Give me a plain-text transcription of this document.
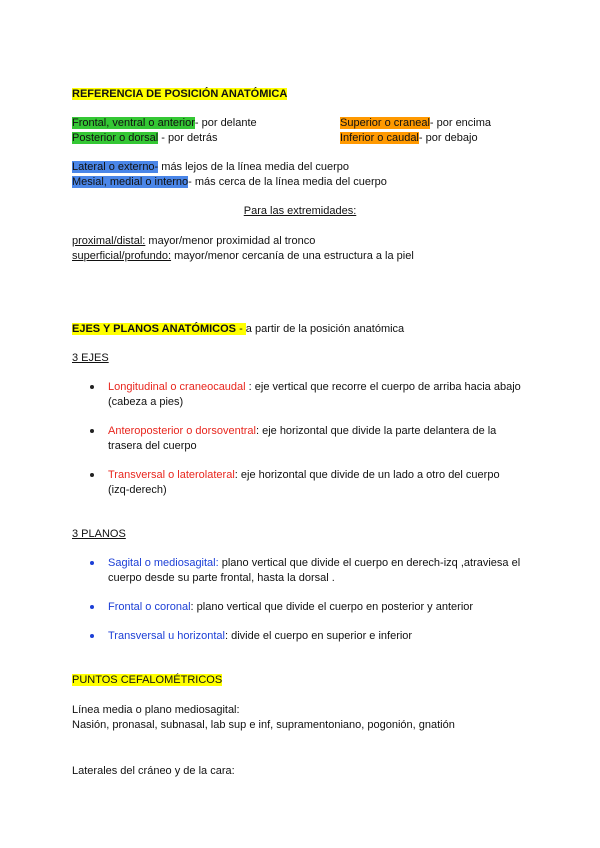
REFERENCIA DE POSICIÓN ANATÓMICA
Frontal, ventral o anterior- por delante	Superior o craneal- por encima
Posterior o dorsal - por detrás	Inferior o caudal- por debajo
Lateral o externo- más lejos de la línea media del cuerpo
Mesial, medial o interno- más cerca de la línea media del cuerpo
Para las extremidades:
proximal/distal: mayor/menor proximidad al tronco
superficial/profundo: mayor/menor cercanía de una estructura a la piel
EJES Y PLANOS ANATÓMICOS - a partir de la posición anatómica
3 EJES
Longitudinal o craneocaudal : eje vertical que recorre el cuerpo de arriba hacia abajo
(cabeza a pies)
Anteroposterior o dorsoventral: eje horizontal que divide la parte delantera de la
trasera del cuerpo
Transversal o laterolateral: eje horizontal que divide de un lado a otro del cuerpo
(izq-derech)
3 PLANOS
Sagital o mediosagital: plano vertical que divide el cuerpo en derech-izq ,atraviesa el
cuerpo desde su parte frontal, hasta la dorsal .
Frontal o coronal: plano vertical que divide el cuerpo en posterior y anterior
Transversal u horizontal: divide el cuerpo en superior e inferior
PUNTOS CEFALOMÉTRICOS
Línea media o plano mediosagital:
Nasión, pronasal, subnasal, lab sup e inf, supramentoniano, pogonión, gnatión
Laterales del cráneo y de la cara:
